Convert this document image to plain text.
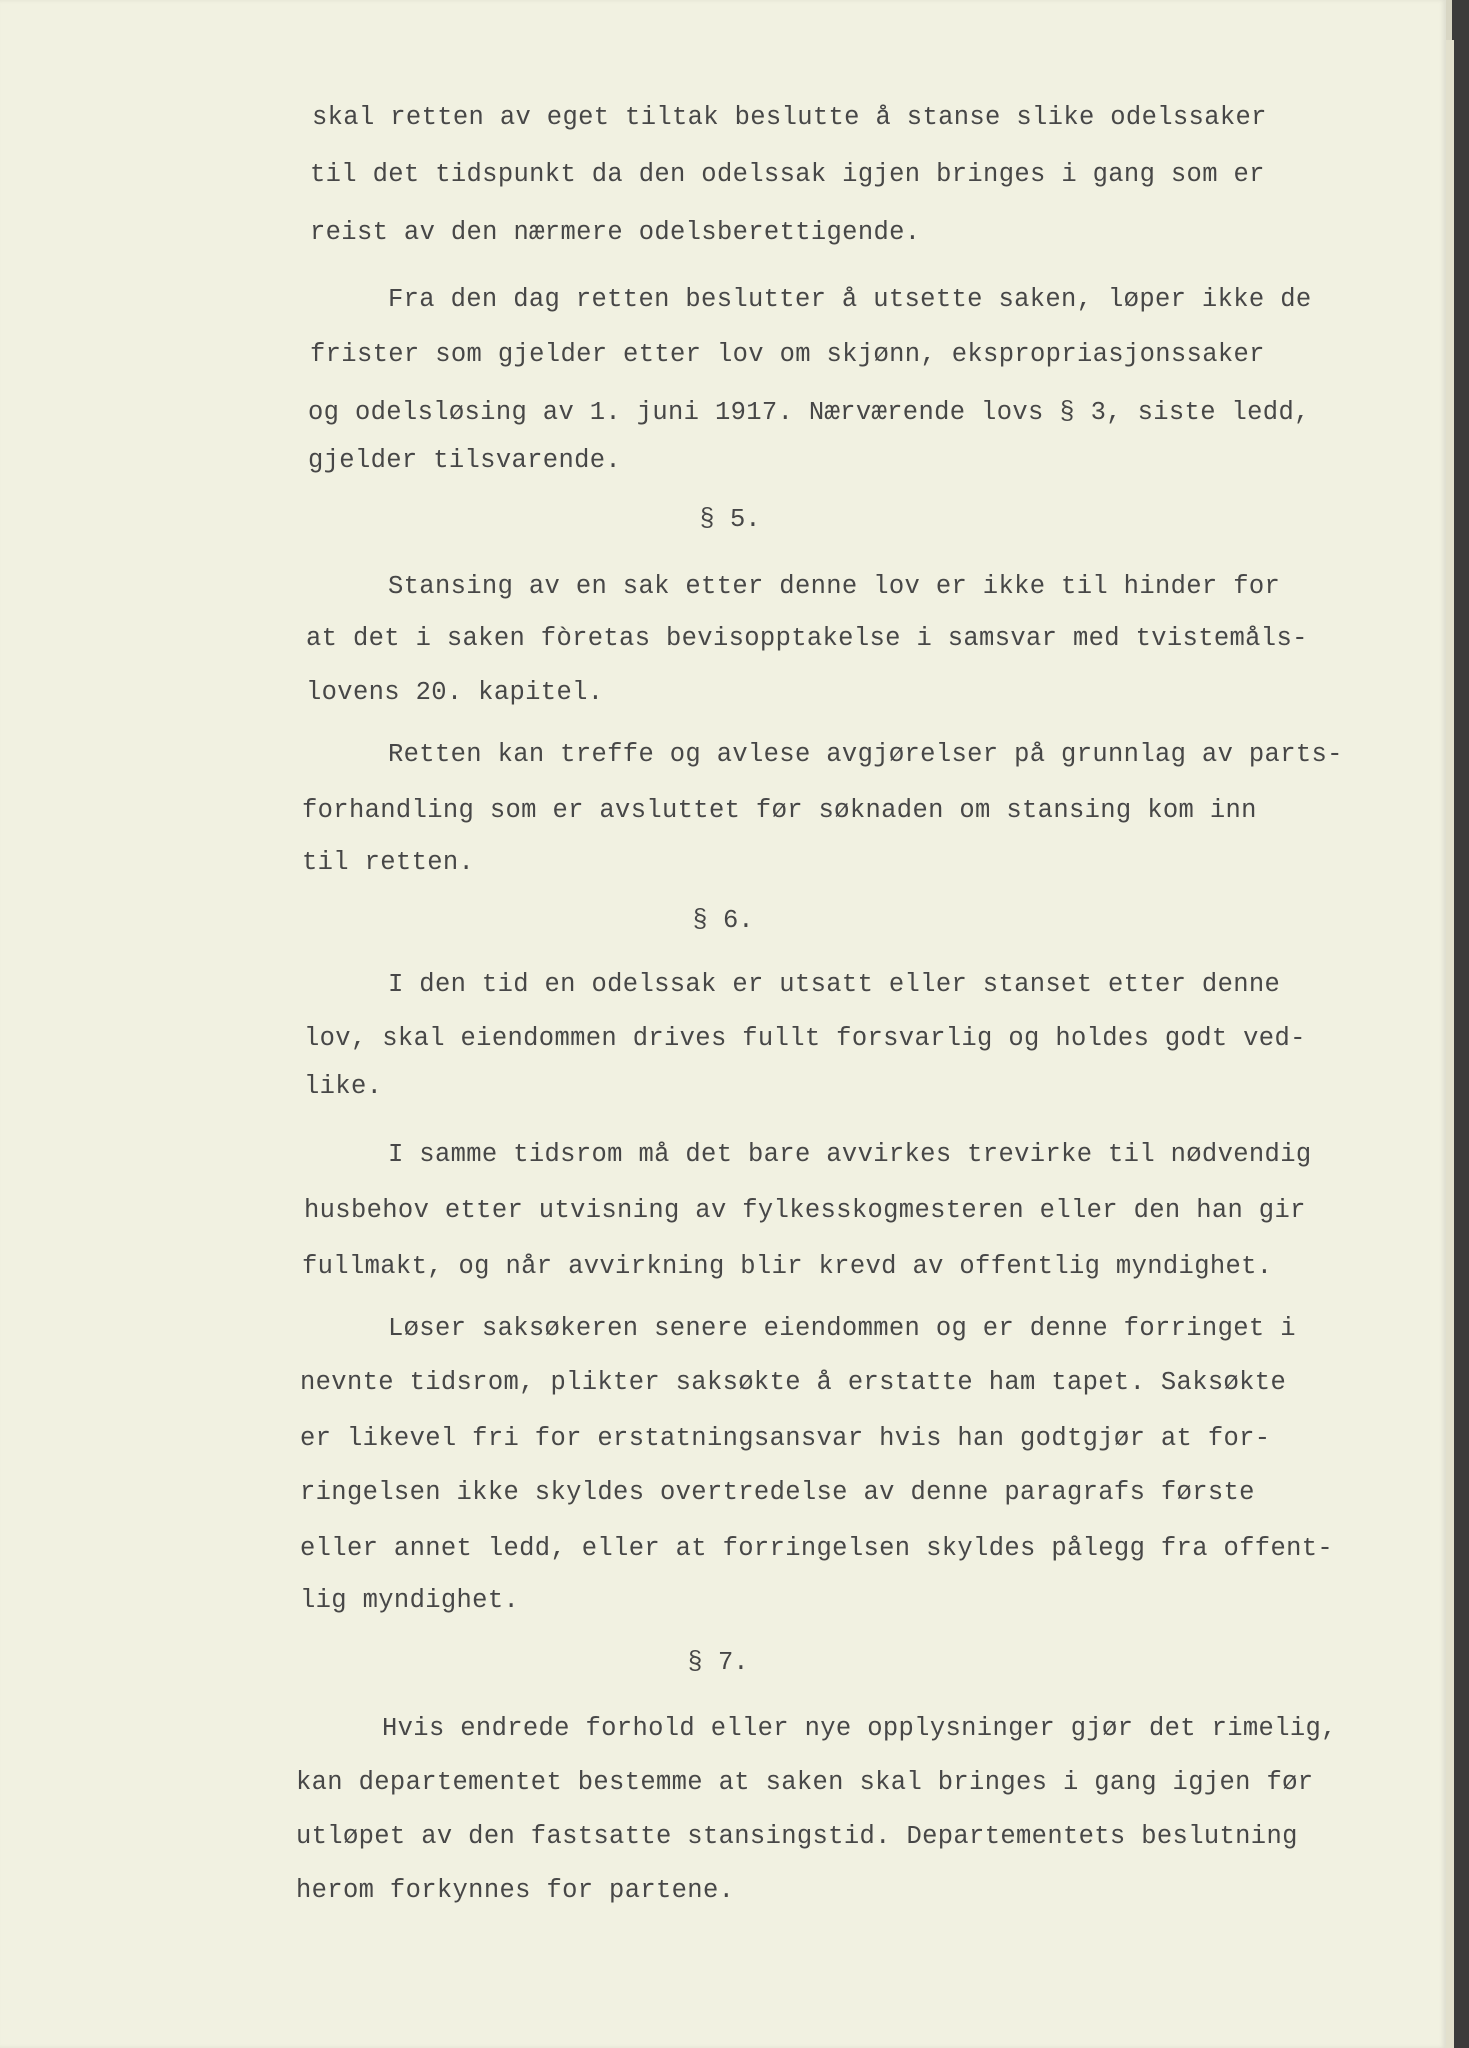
skal retten av eget tiltak beslutte å stanse slike odelssaker

til det tidspunkt da den odelssak igjen bringes i gang som er

reist av den nærmere odelsberettigende.

Fra den dag retten beslutter å utsette saken, løper ikke de

frister som gjelder etter lov om skjønn, ekspropriasjonssaker

og odelsløsing av 1. juni 1917. Nærværende lovs § 3, siste ledd,

gjelder tilsvarende.

§ 5.

Stansing av en sak etter denne lov er ikke til hinder for

at det i saken fòretas bevisopptakelse i samsvar med tvistemåls-

lovens 20. kapitel.

Retten kan treffe og avlese avgjørelser på grunnlag av parts-

forhandling som er avsluttet før søknaden om stansing kom inn

til retten.

§ 6.

I den tid en odelssak er utsatt eller stanset etter denne

lov, skal eiendommen drives fullt forsvarlig og holdes godt ved-

like.

I samme tidsrom må det bare avvirkes trevirke til nødvendig

husbehov etter utvisning av fylkesskogmesteren eller den han gir

fullmakt, og når avvirkning blir krevd av offentlig myndighet.

Løser saksøkeren senere eiendommen og er denne forringet i

nevnte tidsrom, plikter saksøkte å erstatte ham tapet. Saksøkte

er likevel fri for erstatningsansvar hvis han godtgjør at for-

ringelsen ikke skyldes overtredelse av denne paragrafs første

eller annet ledd, eller at forringelsen skyldes pålegg fra offent-

lig myndighet.

§ 7.

Hvis endrede forhold eller nye opplysninger gjør det rimelig,

kan departementet bestemme at saken skal bringes i gang igjen før

utløpet av den fastsatte stansingstid. Departementets beslutning

herom forkynnes for partene.
